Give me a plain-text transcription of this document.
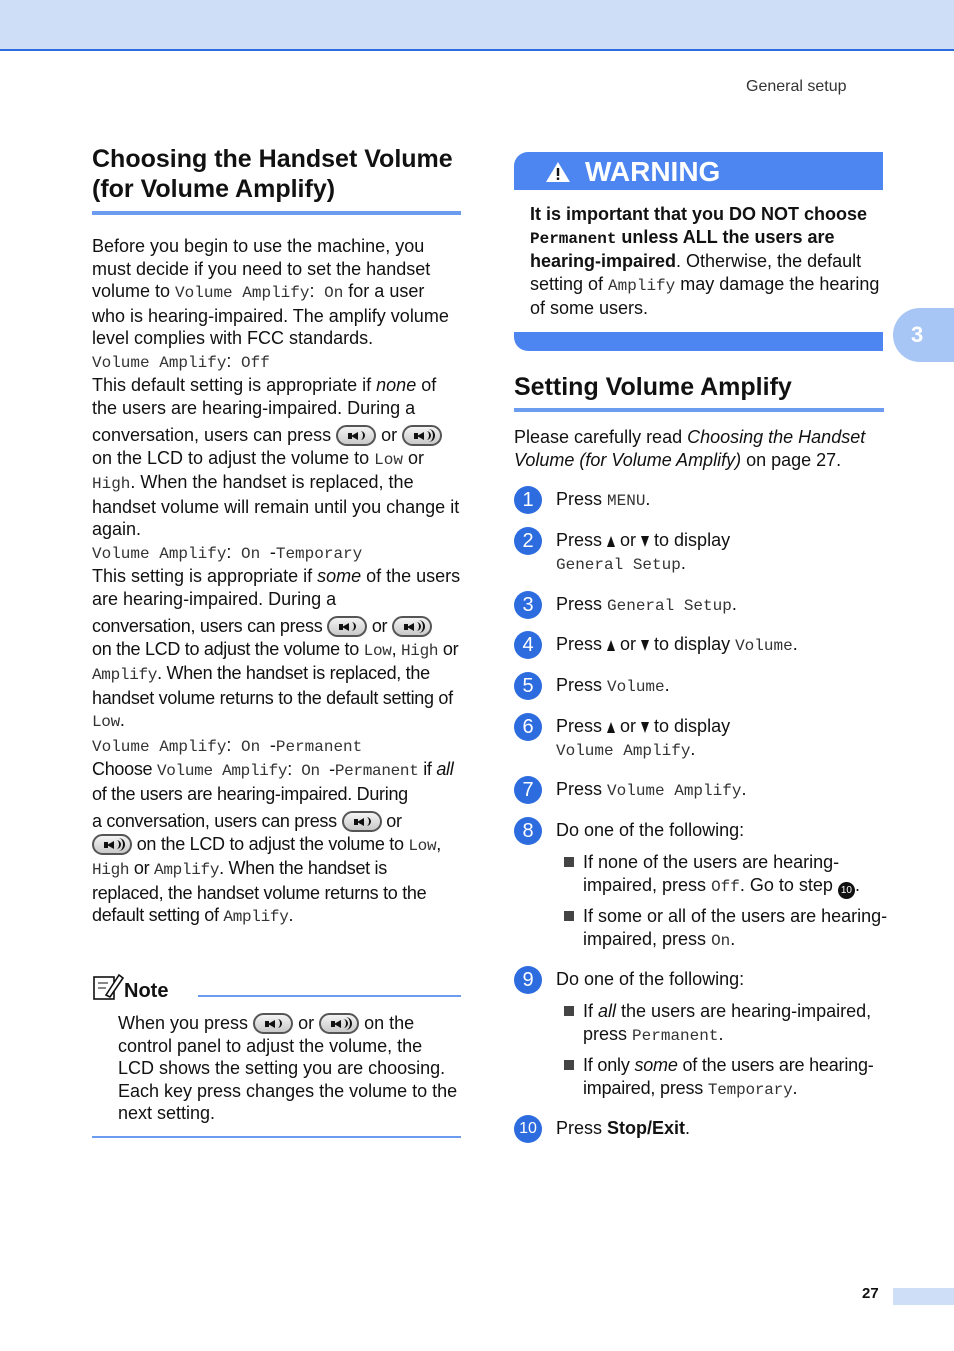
General setup
3
Choosing the Handset Volume (for Volume Amplify)

Before you begin to use the machine, you must decide if you need to set the handset volume to Volume Amplify: On for a user who is hearing-impaired. The amplify volume level complies with FCC standards.

Volume Amplify: Off

This default setting is appropriate if none of the users are hearing-impaired. During a

conversation, users can press	or

on the LCD to adjust the volume to Low or High. When the handset is replaced, the handset volume will remain until you change it again.

Volume Amplify: On -Temporary

This setting is appropriate if some of the users are hearing-impaired. During a

conversation, users can press	or

on the LCD to adjust the volume to Low, High or Amplify. When the handset is replaced, the handset volume returns to the default setting of Low.

Volume Amplify: On -Permanent

Choose Volume Amplify: On -Permanent if all of the users are hearing-impaired. During

a conversation, users can press	or

on the LCD to adjust the volume to Low, High or Amplify. When the handset is replaced, the handset volume returns to the default setting of Amplify.

Note
When you press	or	on the control panel to adjust the volume, the LCD shows the setting you are choosing. Each key press changes the volume to the next setting.
WARNING
It is important that you DO NOT choose Permanent unless ALL the users are hearing-impaired. Otherwise, the default setting of Amplify may damage the hearing of some users.
Setting Volume Amplify

Please carefully read Choosing the Handset Volume (for Volume Amplify) on page 27.

1	Press MENU.
2	Press  or  to display
General Setup.
3	Press General Setup.
4	Press  or  to display Volume.
5	Press Volume.
6	Press  or  to display
Volume Amplify.
7	Press Volume Amplify.
8	Do one of the following:
If none of the users are hearing-impaired, press Off. Go to step 10 .
If some or all of the users are hearing-impaired, press On.
9	Do one of the following:
If all the users are hearing-impaired, press Permanent.
If only some of the users are hearing-impaired, press Temporary.
10 Press Stop/Exit.
27
